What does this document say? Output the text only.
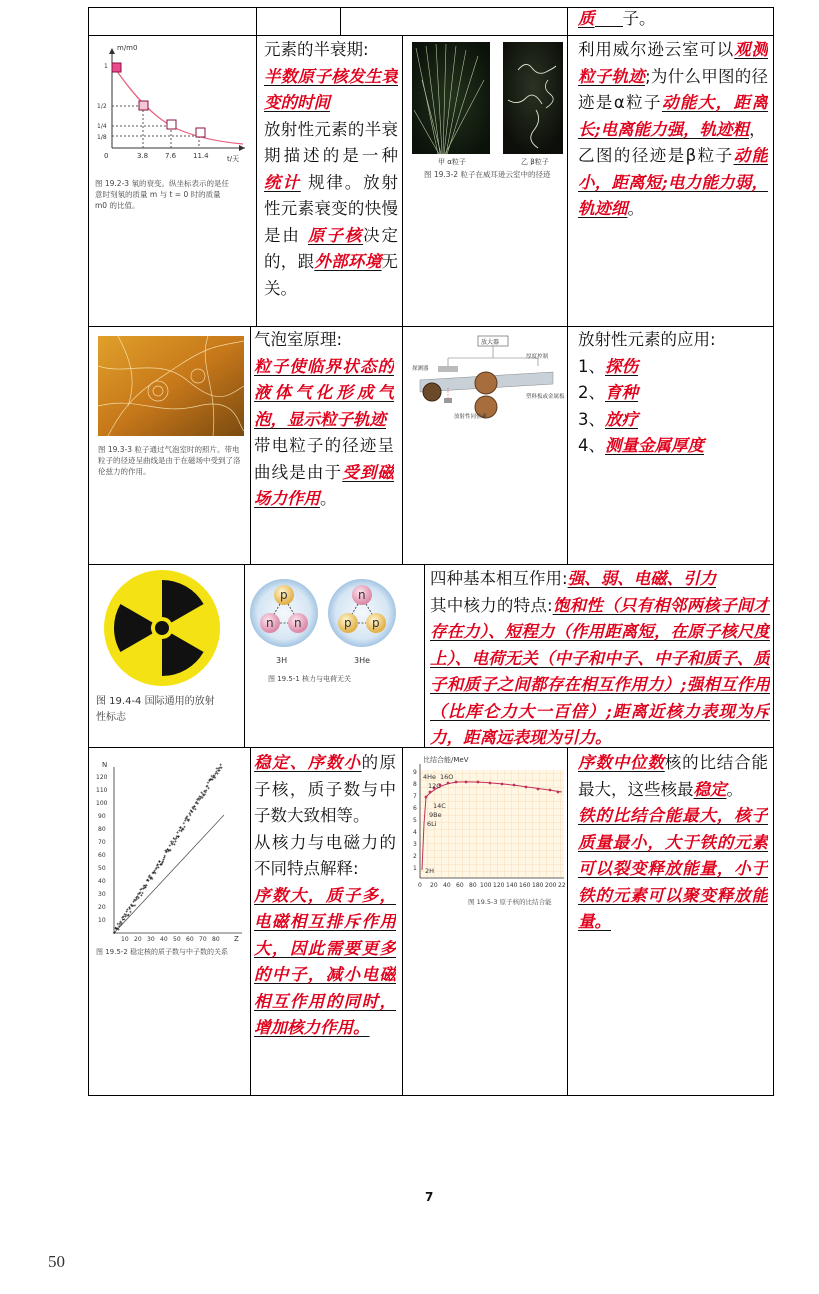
质 子。
m/m0
t/天
0	3.8 7.6 11.4
1
1/2
1/4
1/8
图 19.2-3 氡的衰变。纵坐标表示的是任意时刻氡的质量 m 与 t = 0 时的质量 m0 的比值。
元素的半衰期:
半数原子核发生衰变的时间
放射性元素的半衰期描述的是一种 统计 规律。放射性元素衰变的快慢是由 原子核决定的，跟外部环境无关。
甲 α粒子	乙 β粒子
图 19.3-2 粒子在威耳逊云室中的径迹
利用威尔逊云室可以观测粒子轨迹;为什么甲图的径迹是α粒子动能大，距离长;电离能力强，轨迹粗，
乙图的径迹是β粒子动能小，距离短;电力能力弱，轨迹细。
图 19.3-3 粒子通过气泡室时的照片。带电粒子的径迹呈曲线是由于在磁场中受到了洛伦兹力的作用。
气泡室原理:
粒子使临界状态的液体气化形成气泡，显示粒子轨迹
带电粒子的径迹呈曲线是由于受到磁场力作用。
放大器
探测器
厚度控制
塑料板或金属板
放射性同位素
放射性元素的应用:
1、探伤
2、育种
3、放疗
4、测量金属厚度
图 19.4-4 国际通用的放射性标志
p
n n
n
p p
3H	3He
图 19.5-1 核力与电荷无关
四种基本相互作用:强、弱、电磁、引力
其中核力的特点:饱和性（只有相邻两核子间才存在力）、短程力（作用距离短，在原子核尺度上）、电荷无关（中子和中子、中子和质子、质子和质子之间都存在相互作用力）;强相互作用（比库仑力大一百倍）;距离近核力表现为斥力，距离远表现为引力。
N
Z
10
20
30
40
50
60
70
80
90
100
110
120
10 20 30 40 50 60 70 80
图 19.5-2 稳定核的质子数与中子数的关系
稳定、序数小的原子核，质子数与中子数大致相等。
从核力与电磁力的不同特点解释:
序数大，质子多，电磁相互排斥作用大，因此需要更多的中子，减小电磁相互作用的同时，增加核力作用。
比结合能/MeV
1
2
3
4
5
6
7
8
9
0 20 40 60 80 100 120 140 160 180 200 22
4He 16O
12C
14C
6Li
9Be
2H
图 19.5-3 原子核的比结合能
序数中位数核的比结合能最大，这些核最稳定。
铁的比结合能最大，核子质量最小，大于铁的元素可以裂变释放能量，小于铁的元素可以聚变释放能量。
7
50
